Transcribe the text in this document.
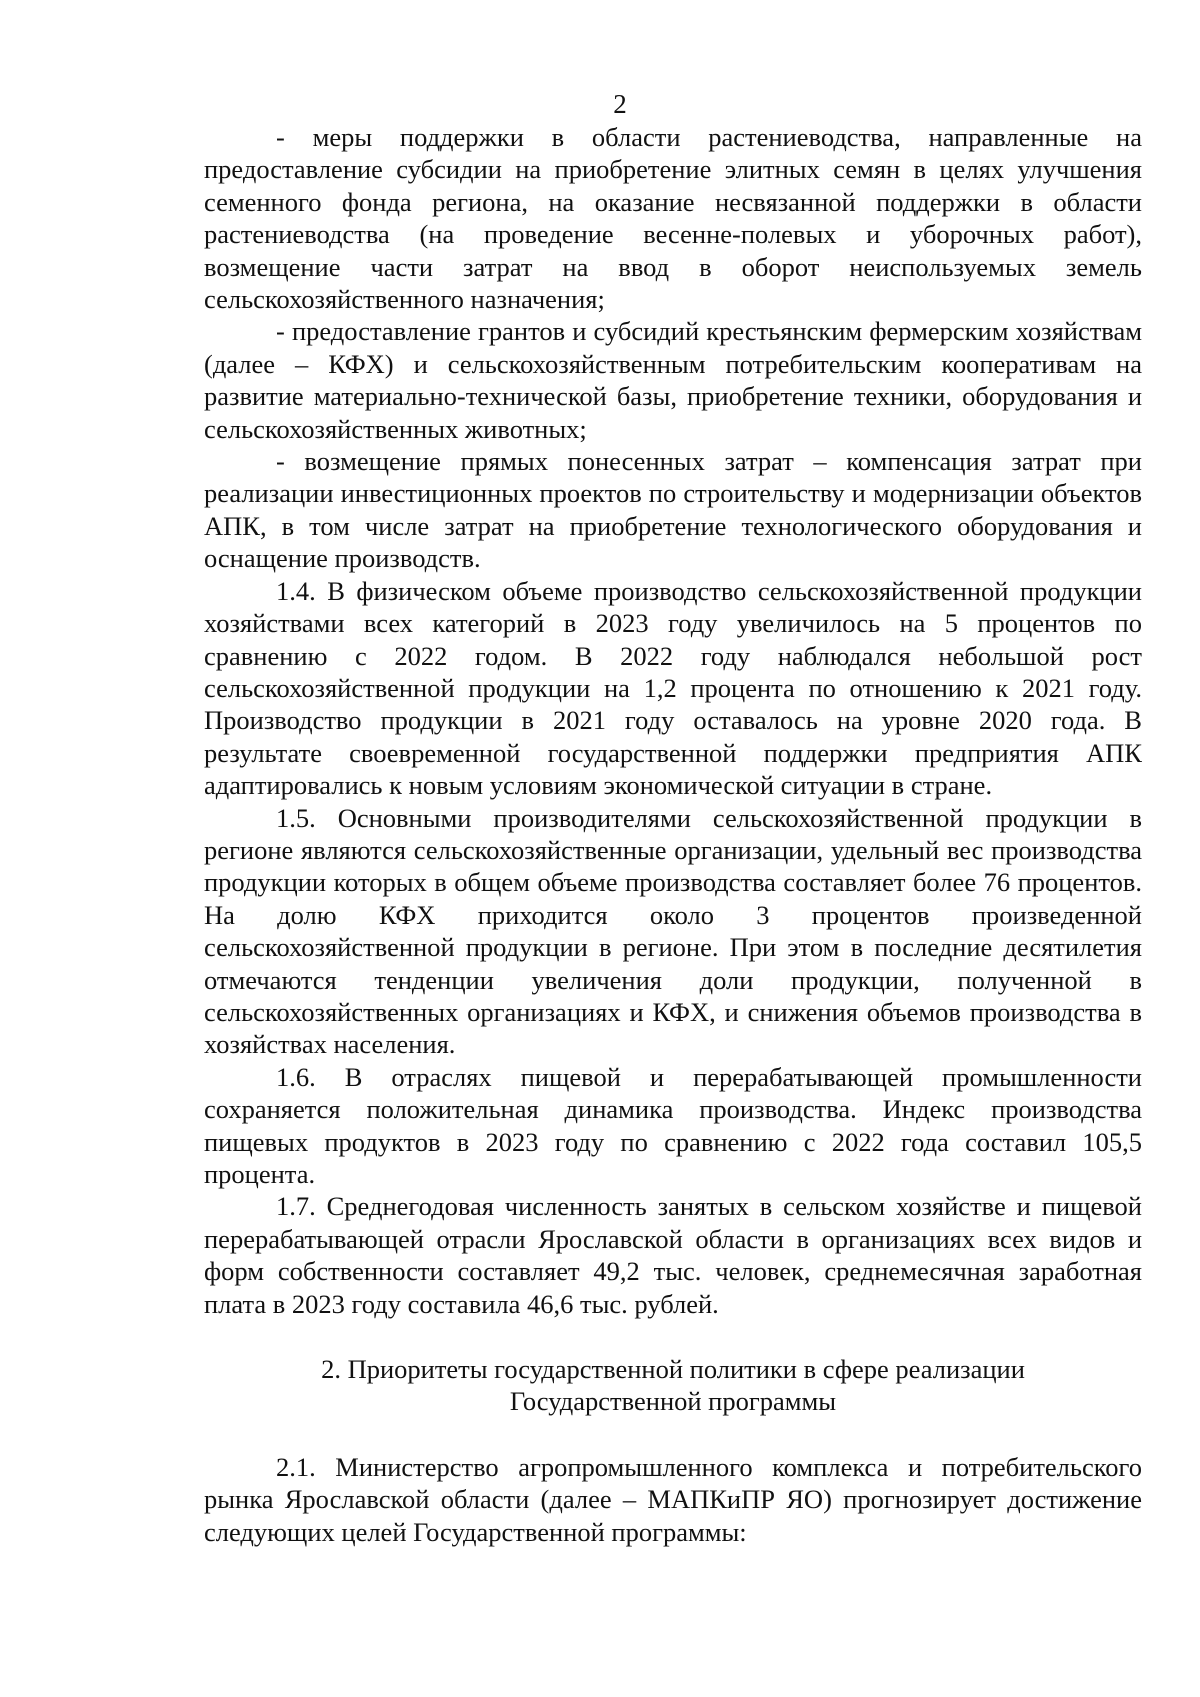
2

- меры поддержки в области растениеводства, направленные на предоставление субсидии на приобретение элитных семян в целях улучшения семенного фонда региона, на оказание несвязанной поддержки в области растениеводства (на проведение весенне-полевых и уборочных работ), возмещение части затрат на ввод в оборот неиспользуемых земель сельскохозяйственного назначения;

- предоставление грантов и субсидий крестьянским фермерским хозяйствам (далее – КФХ) и сельскохозяйственным потребительским кооперативам на развитие материально-технической базы, приобретение техники, оборудования и сельскохозяйственных животных;

- возмещение прямых понесенных затрат – компенсация затрат при реализации инвестиционных проектов по строительству и модернизации объектов АПК, в том числе затрат на приобретение технологического оборудования и оснащение производств.

1.4. В физическом объеме производство сельскохозяйственной продукции хозяйствами всех категорий в 2023 году увеличилось на 5 процентов по сравнению с 2022 годом. В 2022 году наблюдался небольшой рост сельскохозяйственной продукции на 1,2 процента по отношению к 2021 году. Производство продукции в 2021 году оставалось на уровне 2020 года. В результате своевременной государственной поддержки предприятия АПК адаптировались к новым условиям экономической ситуации в стране.

1.5. Основными производителями сельскохозяйственной продукции в регионе являются сельскохозяйственные организации, удельный вес производства продукции которых в общем объеме производства составляет более 76 процентов. На долю КФХ приходится около 3 процентов произведенной сельскохозяйственной продукции в регионе. При этом в последние десятилетия отмечаются тенденции увеличения доли продукции, полученной в сельскохозяйственных организациях и КФХ, и снижения объемов производства в хозяйствах населения.

1.6. В отраслях пищевой и перерабатывающей промышленности сохраняется положительная динамика производства. Индекс производства пищевых продуктов в 2023 году по сравнению с 2022 года составил 105,5 процента.

1.7. Среднегодовая численность занятых в сельском хозяйстве и пищевой перерабатывающей отрасли Ярославской области в организациях всех видов и форм собственности составляет 49,2 тыс. человек, среднемесячная заработная плата в 2023 году составила 46,6 тыс. рублей.

2. Приоритеты государственной политики в сфере реализации
Государственной программы

2.1. Министерство агропромышленного комплекса и потребительского рынка Ярославской области (далее – МАПКиПР ЯО) прогнозирует достижение следующих целей Государственной программы:
